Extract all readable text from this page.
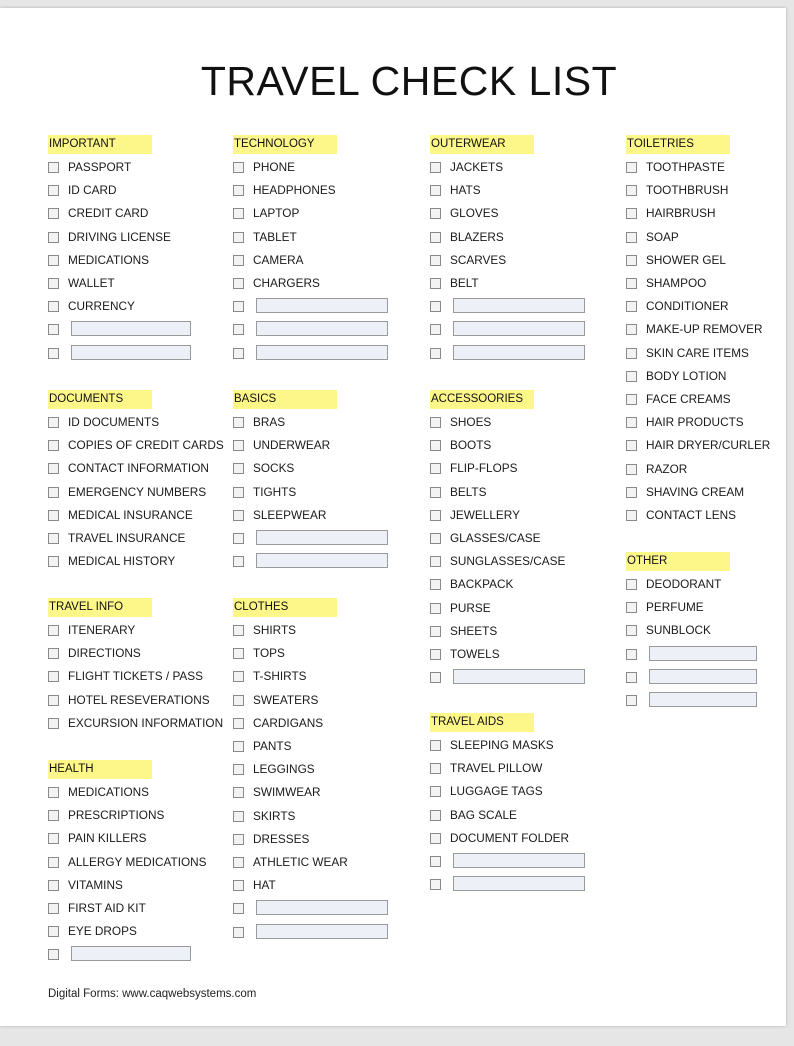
TRAVEL CHECK LIST
Digital Forms: www.caqwebsystems.com
IMPORTANT
PASSPORT
ID CARD
CREDIT CARD
DRIVING LICENSE
MEDICATIONS
WALLET
CURRENCY
DOCUMENTS
ID DOCUMENTS
COPIES OF CREDIT CARDS
CONTACT INFORMATION
EMERGENCY NUMBERS
MEDICAL INSURANCE
TRAVEL INSURANCE
MEDICAL HISTORY
TRAVEL INFO
ITENERARY
DIRECTIONS
FLIGHT TICKETS / PASS
HOTEL RESEVERATIONS
EXCURSION INFORMATION
HEALTH
MEDICATIONS
PRESCRIPTIONS
PAIN KILLERS
ALLERGY MEDICATIONS
VITAMINS
FIRST AID KIT
EYE DROPS
TECHNOLOGY
PHONE
HEADPHONES
LAPTOP
TABLET
CAMERA
CHARGERS
BASICS
BRAS
UNDERWEAR
SOCKS
TIGHTS
SLEEPWEAR
CLOTHES
SHIRTS
TOPS
T-SHIRTS
SWEATERS
CARDIGANS
PANTS
LEGGINGS
SWIMWEAR
SKIRTS
DRESSES
ATHLETIC WEAR
HAT
OUTERWEAR
JACKETS
HATS
GLOVES
BLAZERS
SCARVES
BELT
ACCESSOORIES
SHOES
BOOTS
FLIP-FLOPS
BELTS
JEWELLERY
GLASSES/CASE
SUNGLASSES/CASE
BACKPACK
PURSE
SHEETS
TOWELS
TRAVEL AIDS
SLEEPING MASKS
TRAVEL PILLOW
LUGGAGE TAGS
BAG SCALE
DOCUMENT FOLDER
TOILETRIES
TOOTHPASTE
TOOTHBRUSH
HAIRBRUSH
SOAP
SHOWER GEL
SHAMPOO
CONDITIONER
MAKE-UP REMOVER
SKIN CARE ITEMS
BODY LOTION
FACE CREAMS
HAIR PRODUCTS
HAIR DRYER/CURLER
RAZOR
SHAVING CREAM
CONTACT LENS
OTHER
DEODORANT
PERFUME
SUNBLOCK
